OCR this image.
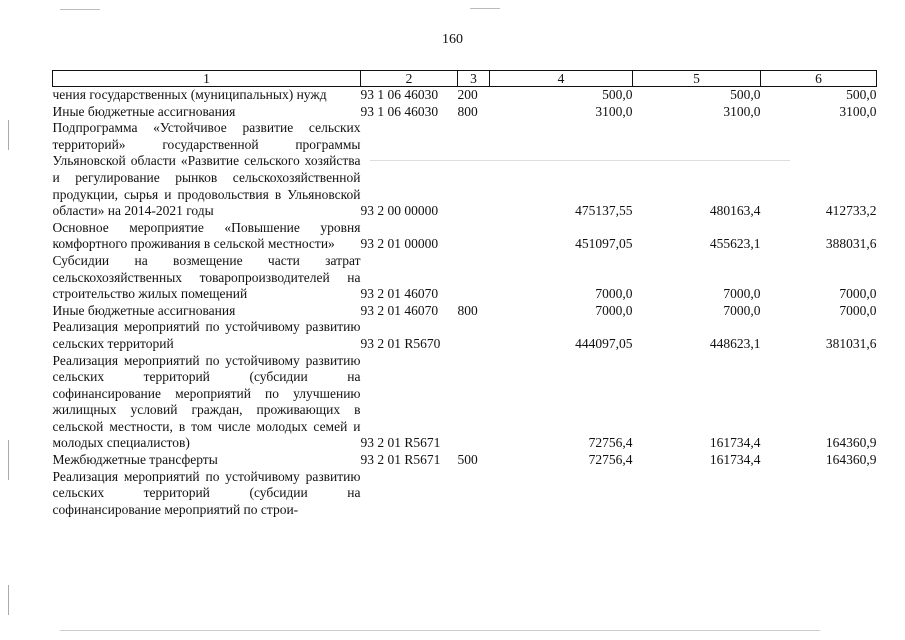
160
1	2	3	4	5	6
чения государственных (муниципальных) нужд	93 1 06 46030	200	500,0	500,0	500,0
Иные бюджетные ассигнования	93 1 06 46030	800	3100,0	3100,0	3100,0
Подпрограмма «Устойчивое развитие сельских территорий» государственной программы Ульяновской области «Развитие сельского хозяйства и регулирование рынков сельскохозяйственной продукции, сырья и продовольствия в Ульяновской области» на 2014-2021 годы	93 2 00 00000		475137,55	480163,4	412733,2
Основное мероприятие «Повышение уровня комфортного проживания в сельской местности»	93 2 01 00000		451097,05	455623,1	388031,6
Субсидии на возмещение части затрат сельскохозяйственных товаропроизводителей на строительство жилых помещений	93 2 01 46070		7000,0	7000,0	7000,0
Иные бюджетные ассигнования	93 2 01 46070	800	7000,0	7000,0	7000,0
Реализация мероприятий по устойчивому развитию сельских территорий	93 2 01 R5670		444097,05	448623,1	381031,6
Реализация мероприятий по устойчивому развитию сельских территорий (субсидии на софинансирование мероприятий по улучшению жилищных условий граждан, проживающих в сельской местности, в том числе молодых семей и молодых специалистов)	93 2 01 R5671		72756,4	161734,4	164360,9
Межбюджетные трансферты	93 2 01 R5671	500	72756,4	161734,4	164360,9
Реализация мероприятий по устойчивому развитию сельских территорий (субсидии на софинансирование мероприятий по строи-					
